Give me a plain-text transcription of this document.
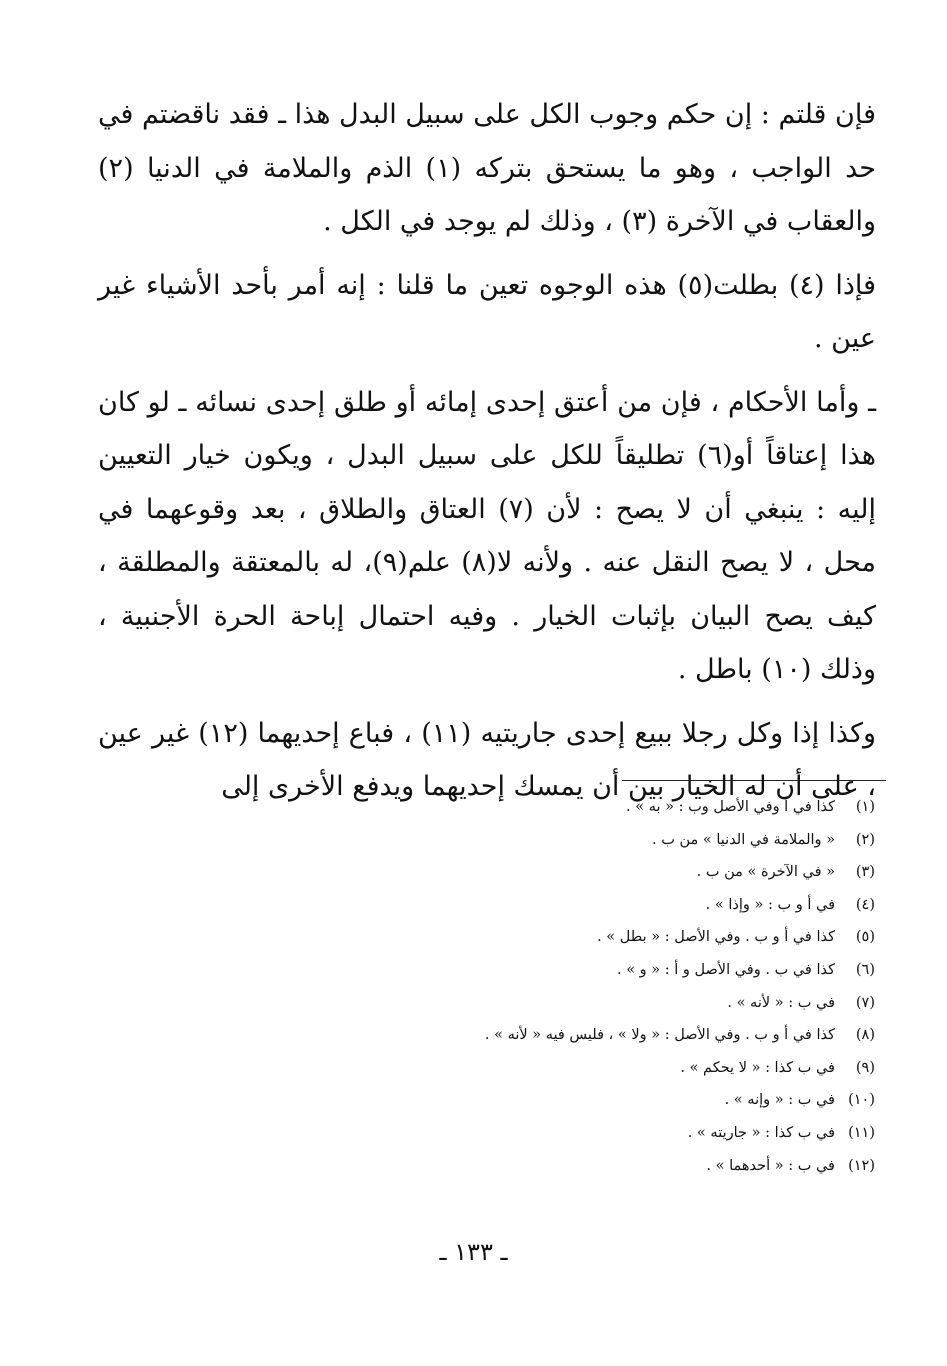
فإن قلتم : إن حكم وجوب الكل على سبيل البدل هذا ـ فقد ناقضتم في حد الواجب ، وهو ما يستحق بتركه (١) الذم والملامة في الدنيا (٢) والعقاب في الآخرة (٣) ، وذلك لم يوجد في الكل .

فإذا (٤) بطلت(٥) هذه الوجوه تعين ما قلنا : إنه أمر بأحد الأشياء غير عين .

ـ وأما الأحكام ، فإن من أعتق إحدى إمائه أو طلق إحدى نسائه ـ لو كان هذا إعتاقاً أو(٦) تطليقاً للكل على سبيل البدل ، ويكون خيار التعيين إليه : ينبغي أن لا يصح : لأن (٧) العتاق والطلاق ، بعد وقوعهما في محل ، لا يصح النقل عنه . ولأنه لا(٨) علم(٩)، له بالمعتقة والمطلقة ، كيف يصح البيان بإثبات الخيار . وفيه احتمال إباحة الحرة الأجنبية ، وذلك (١٠) باطل .

وكذا إذا وكل رجلا ببيع إحدى جاريتيه (١١) ، فباع إحديهما (١٢) غير عين ، على أن له الخيار بين أن يمسك إحديهما ويدفع الأخرى إلى

(١)كذا في أ وفي الأصل وب : « به » .
(٢)« والملامة في الدنيا » من ب .
(٣)« في الآخرة » من ب .
(٤)في أ و ب : « وإذا » .
(٥)كذا في أ و ب . وفي الأصل : « بطل » .
(٦)كذا في ب . وفي الأصل و أ : « و » .
(٧)في ب : « لأنه » .
(٨)كذا في أ و ب . وفي الأصل : « ولا » ، فليس فيه « لأنه » .
(٩)في ب كذا : « لا يحكم » .
(١٠)في ب : « وإنه » .
(١١)في ب كذا : « جاريته » .
(١٢)في ب : « أحدهما » .
ـ ١٣٣ ـ
